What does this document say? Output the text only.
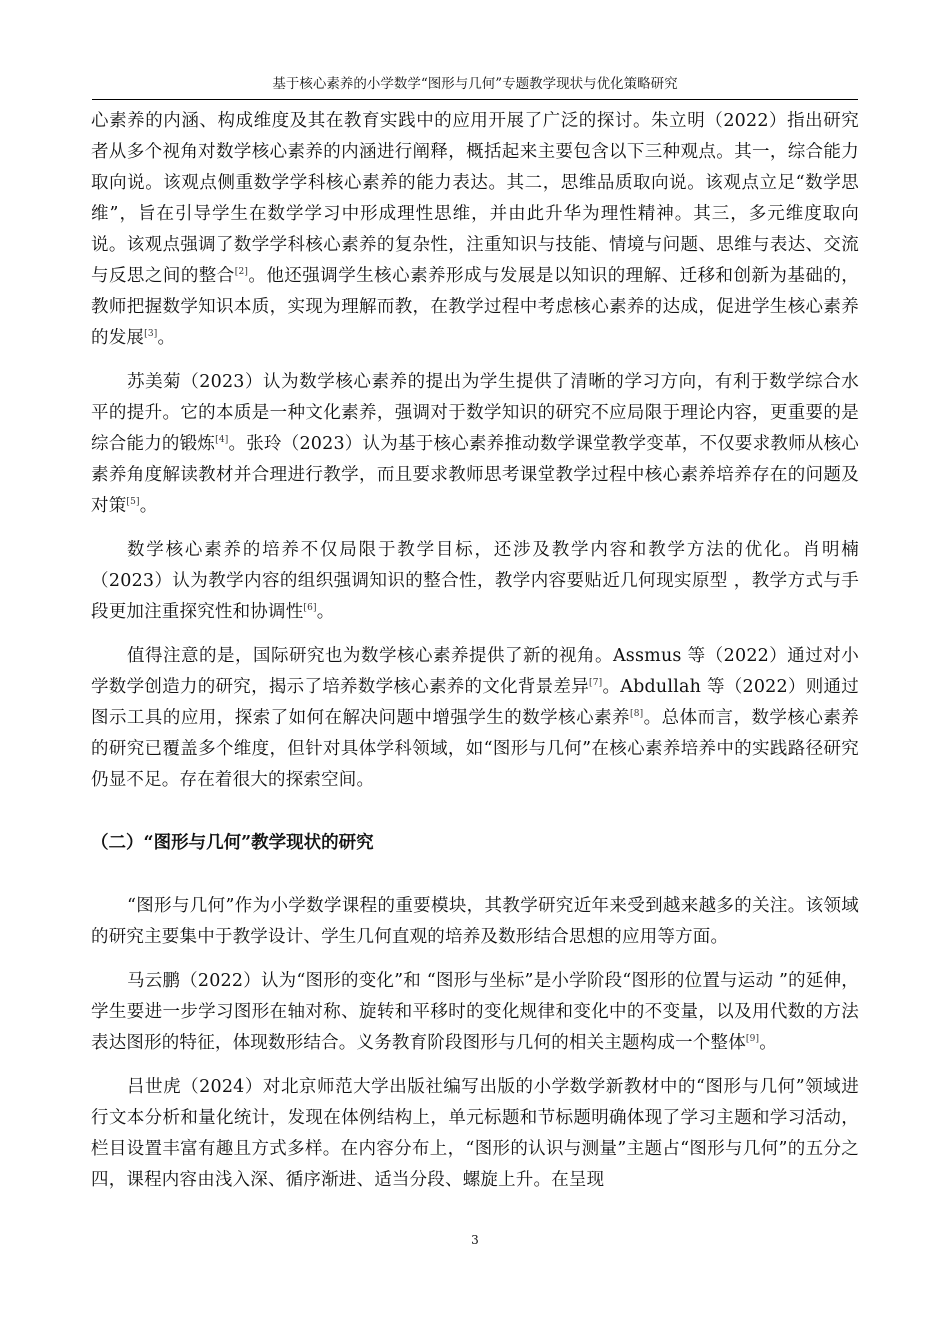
基于核心素养的小学数学“图形与几何”专题教学现状与优化策略研究

心素养的内涵、构成维度及其在教育实践中的应用开展了广泛的探讨。朱立明（2022）指出研究者从多个视角对数学核心素养的内涵进行阐释，概括起来主要包含以下三种观点。其一，综合能力取向说。该观点侧重数学学科核心素养的能力表达。其二，思维品质取向说。该观点立足“数学思维”，旨在引导学生在数学学习中形成理性思维，并由此升华为理性精神。其三，多元维度取向说。该观点强调了数学学科核心素养的复杂性，注重知识与技能、情境与问题、思维与表达、交流与反思之间的整合[2]。他还强调学生核心素养形成与发展是以知识的理解、迁移和创新为基础的，教师把握数学知识本质，实现为理解而教，在教学过程中考虑核心素养的达成，促进学生核心素养的发展[3]。

苏美菊（2023）认为数学核心素养的提出为学生提供了清晰的学习方向，有利于数学综合水平的提升。它的本质是一种文化素养，强调对于数学知识的研究不应局限于理论内容，更重要的是综合能力的锻炼[4]。张玲（2023）认为基于核心素养推动数学课堂教学变革，不仅要求教师从核心素养角度解读教材并合理进行教学，而且要求教师思考课堂教学过程中核心素养培养存在的问题及对策[5]。

数学核心素养的培养不仅局限于教学目标，还涉及教学内容和教学方法的优化。肖明楠（2023）认为教学内容的组织强调知识的整合性，教学内容要贴近几何现实原型 ，教学方式与手段更加注重探究性和协调性[6]。

值得注意的是，国际研究也为数学核心素养提供了新的视角。Assmus 等（2022）通过对小学数学创造力的研究，揭示了培养数学核心素养的文化背景差异[7]。Abdullah 等（2022）则通过图示工具的应用，探索了如何在解决问题中增强学生的数学核心素养[8]。总体而言，数学核心素养的研究已覆盖多个维度，但针对具体学科领域，如“图形与几何”在核心素养培养中的实践路径研究仍显不足。存在着很大的探索空间。

（二）“图形与几何”教学现状的研究

“图形与几何”作为小学数学课程的重要模块，其教学研究近年来受到越来越多的关注。该领域的研究主要集中于教学设计、学生几何直观的培养及数形结合思想的应用等方面。

马云鹏（2022）认为“图形的变化”和 “图形与坐标”是小学阶段“图形的位置与运动 ”的延伸，学生要进一步学习图形在轴对称、旋转和平移时的变化规律和变化中的不变量，以及用代数的方法表达图形的特征，体现数形结合。义务教育阶段图形与几何的相关主题构成一个整体[9]。

吕世虎（2024）对北京师范大学出版社编写出版的小学数学新教材中的“图形与几何”领域进行文本分析和量化统计，发现在体例结构上，单元标题和节标题明确体现了学习主题和学习活动，栏目设置丰富有趣且方式多样。在内容分布上，“图形的认识与测量”主题占“图形与几何”的五分之四，课程内容由浅入深、循序渐进、适当分段、螺旋上升。在呈现

3
